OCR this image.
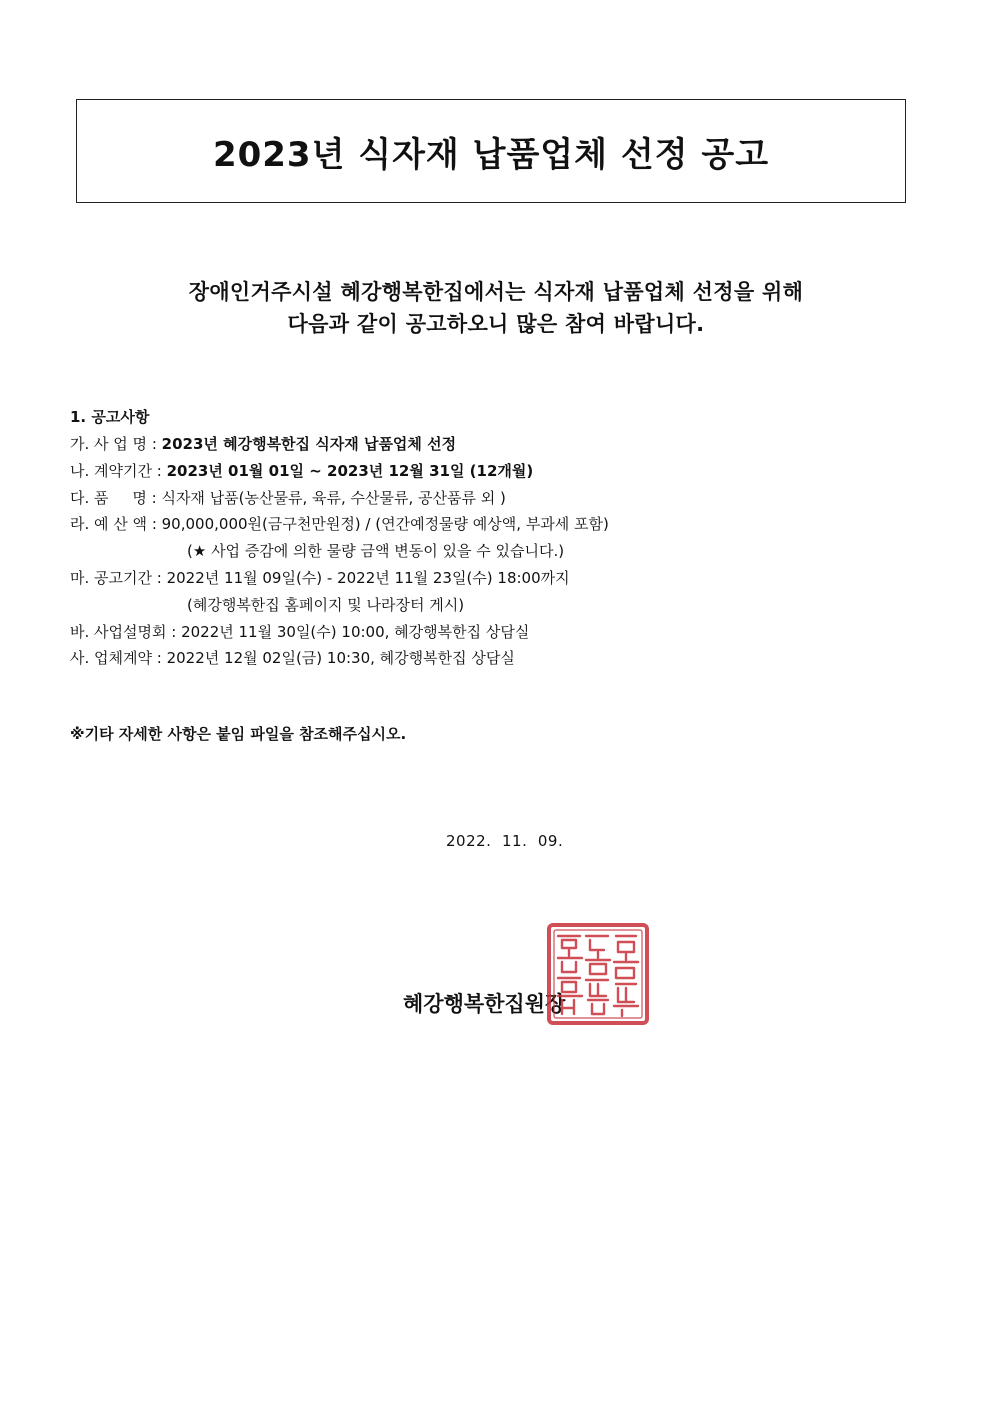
2023년 식자재 납품업체 선정 공고

장애인거주시설 혜강행복한집에서는 식자재 납품업체 선정을 위해

다음과 같이 공고하오니 많은 참여 바랍니다.

1. 공고사항
가. 사 업 명 : 2023년 혜강행복한집 식자재 납품업체 선정
나. 계약기간 : 2023년 01월 01일 ~ 2023년 12월 31일 (12개월)
다. 품     명 : 식자재 납품(농산물류, 육류, 수산물류, 공산품류 외 )
라. 예 산 액 : 90,000,000원(금구천만원정) / (연간예정물량 예상액, 부과세 포함)
(★ 사업 증감에 의한 물량 금액 변동이 있을 수 있습니다.)
마. 공고기간 : 2022년 11월 09일(수) - 2022년 11월 23일(수) 18:00까지
(혜강행복한집 홈페이지 및 나라장터 게시)
바. 사업설명회 : 2022년 11월 30일(수) 10:00, 혜강행복한집 상담실
사. 업체계약 : 2022년 12월 02일(금) 10:30, 혜강행복한집 상담실
※기타 자세한 사항은 붙임 파일을 참조해주십시오.
2022.  11.  09.
혜강행복한집원장
